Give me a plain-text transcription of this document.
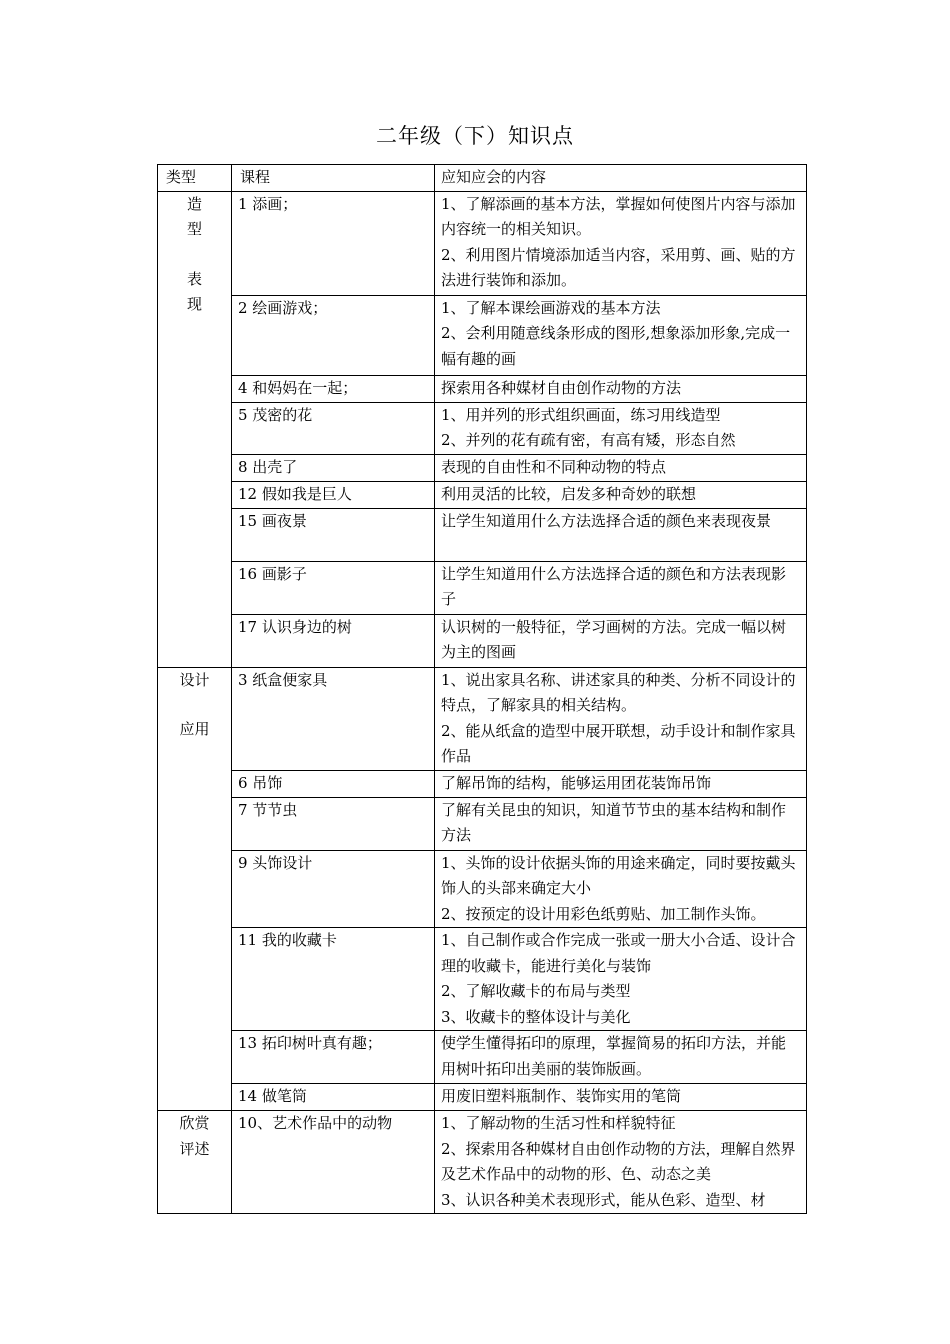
二年级（下）知识点
类型	课程	应知应会的内容

造
型
表
现	1 添画；	1、了解添画的基本方法，掌握如何使图片内容与添加内容统一的相关知识。
2、利用图片情境添加适当内容，采用剪、画、贴的方法进行装饰和添加。

	2 绘画游戏；	1、了解本课绘画游戏的基本方法
2、会利用随意线条形成的图形,想象添加形象,完成一幅有趣的画

	4 和妈妈在一起；	探索用各种媒材自由创作动物的方法

	5 茂密的花	1、用并列的形式组织画面，练习用线造型
2、并列的花有疏有密，有高有矮，形态自然

	8 出壳了	表现的自由性和不同种动物的特点

	12 假如我是巨人	利用灵活的比较，启发多种奇妙的联想

	15 画夜景	让学生知道用什么方法选择合适的颜色来表现夜景

	16 画影子	让学生知道用什么方法选择合适的颜色和方法表现影子

	17 认识身边的树	认识树的一般特征，学习画树的方法。完成一幅以树为主的图画

设计
应用	3 纸盒便家具	1、说出家具名称、讲述家具的种类、分析不同设计的特点，了解家具的相关结构。
2、能从纸盒的造型中展开联想，动手设计和制作家具作品

	6 吊饰	了解吊饰的结构，能够运用团花装饰吊饰

	7 节节虫	了解有关昆虫的知识，知道节节虫的基本结构和制作方法

	9 头饰设计	1、头饰的设计依据头饰的用途来确定，同时要按戴头饰人的头部来确定大小
2、按预定的设计用彩色纸剪贴、加工制作头饰。

	11 我的收藏卡	1、自己制作或合作完成一张或一册大小合适、设计合理的收藏卡，能进行美化与装饰
2、了解收藏卡的布局与类型
3、收藏卡的整体设计与美化

	13 拓印树叶真有趣；	使学生懂得拓印的原理，掌握简易的拓印方法，并能用树叶拓印出美丽的装饰版画。

	14 做笔筒	用废旧塑料瓶制作、装饰实用的笔筒

欣赏
评述	10、艺术作品中的动物	1、了解动物的生活习性和样貌特征
2、探索用各种媒材自由创作动物的方法，理解自然界及艺术作品中的动物的形、色、动态之美
3、认识各种美术表现形式，能从色彩、造型、材
